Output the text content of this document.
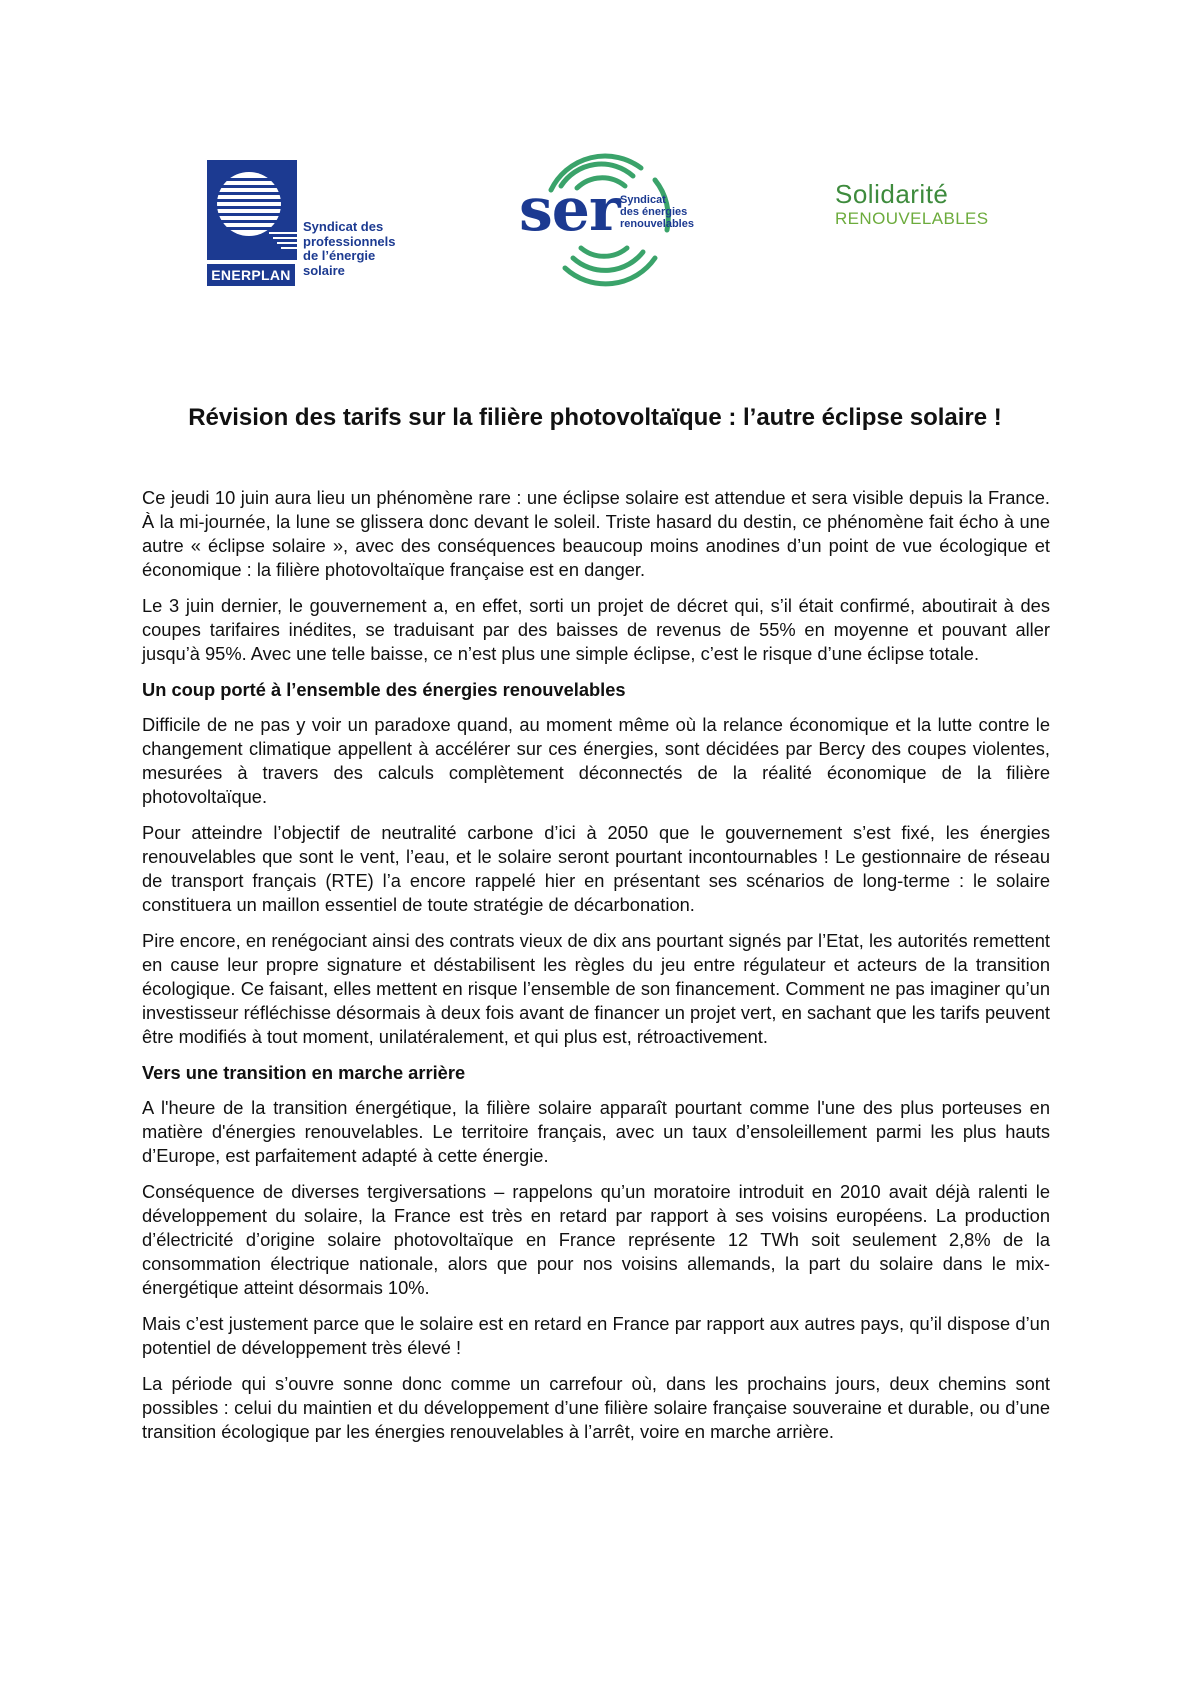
ENERPLAN
Syndicat des
professionnels
de l’énergie
solaire
ser Syndicat
des énergies
renouvelables
Solidarité
RENOUVELABLES
Révision des tarifs sur la filière photovoltaïque : l’autre éclipse solaire !

Ce jeudi 10 juin aura lieu un phénomène rare : une éclipse solaire est attendue et sera visible depuis la France. À la mi-journée, la lune se glissera donc devant le soleil. Triste hasard du destin, ce phénomène fait écho à une autre « éclipse solaire », avec des conséquences beaucoup moins anodines d’un point de vue écologique et économique : la filière photovoltaïque française est en danger.

Le 3 juin dernier, le gouvernement a, en effet, sorti un projet de décret qui, s’il était confirmé, aboutirait à des coupes tarifaires inédites, se traduisant par des baisses de revenus de 55% en moyenne et pouvant aller jusqu’à 95%. Avec une telle baisse, ce n’est plus une simple éclipse, c’est le risque d’une éclipse totale.

Un coup porté à l’ensemble des énergies renouvelables

Difficile de ne pas y voir un paradoxe quand, au moment même où la relance économique et la lutte contre le changement climatique appellent à accélérer sur ces énergies, sont décidées par Bercy des coupes violentes, mesurées à travers des calculs complètement déconnectés de la réalité économique de la filière photovoltaïque.

Pour atteindre l’objectif de neutralité carbone d’ici à 2050 que le gouvernement s’est fixé, les énergies renouvelables que sont le vent, l’eau, et le solaire seront pourtant incontournables ! Le gestionnaire de réseau de transport français (RTE) l’a encore rappelé hier en présentant ses scénarios de long-terme : le solaire constituera un maillon essentiel de toute stratégie de décarbonation.

Pire encore, en renégociant ainsi des contrats vieux de dix ans pourtant signés par l’Etat, les autorités remettent en cause leur propre signature et déstabilisent les règles du jeu entre régulateur et acteurs de la transition écologique. Ce faisant, elles mettent en risque l’ensemble de son financement. Comment ne pas imaginer qu’un investisseur réfléchisse désormais à deux fois avant de financer un projet vert, en sachant que les tarifs peuvent être modifiés à tout moment, unilatéralement, et qui plus est, rétroactivement.

Vers une transition en marche arrière

A l'heure de la transition énergétique, la filière solaire apparaît pourtant comme l'une des plus porteuses en matière d'énergies renouvelables. Le territoire français, avec un taux d’ensoleillement parmi les plus hauts d’Europe, est parfaitement adapté à cette énergie.

Conséquence de diverses tergiversations – rappelons qu’un moratoire introduit en 2010 avait déjà ralenti le développement du solaire, la France est très en retard par rapport à ses voisins européens. La production d’électricité d’origine solaire photovoltaïque en France représente 12 TWh soit seulement 2,8% de la consommation électrique nationale, alors que pour nos voisins allemands, la part du solaire dans le mix-énergétique atteint désormais 10%.

Mais c’est justement parce que le solaire est en retard en France par rapport aux autres pays, qu’il dispose d’un potentiel de développement très élevé !

La période qui s’ouvre sonne donc comme un carrefour où, dans les prochains jours, deux chemins sont possibles : celui du maintien et du développement d’une filière solaire française souveraine et durable, ou d’une transition écologique par les énergies renouvelables à l’arrêt, voire en marche arrière.
